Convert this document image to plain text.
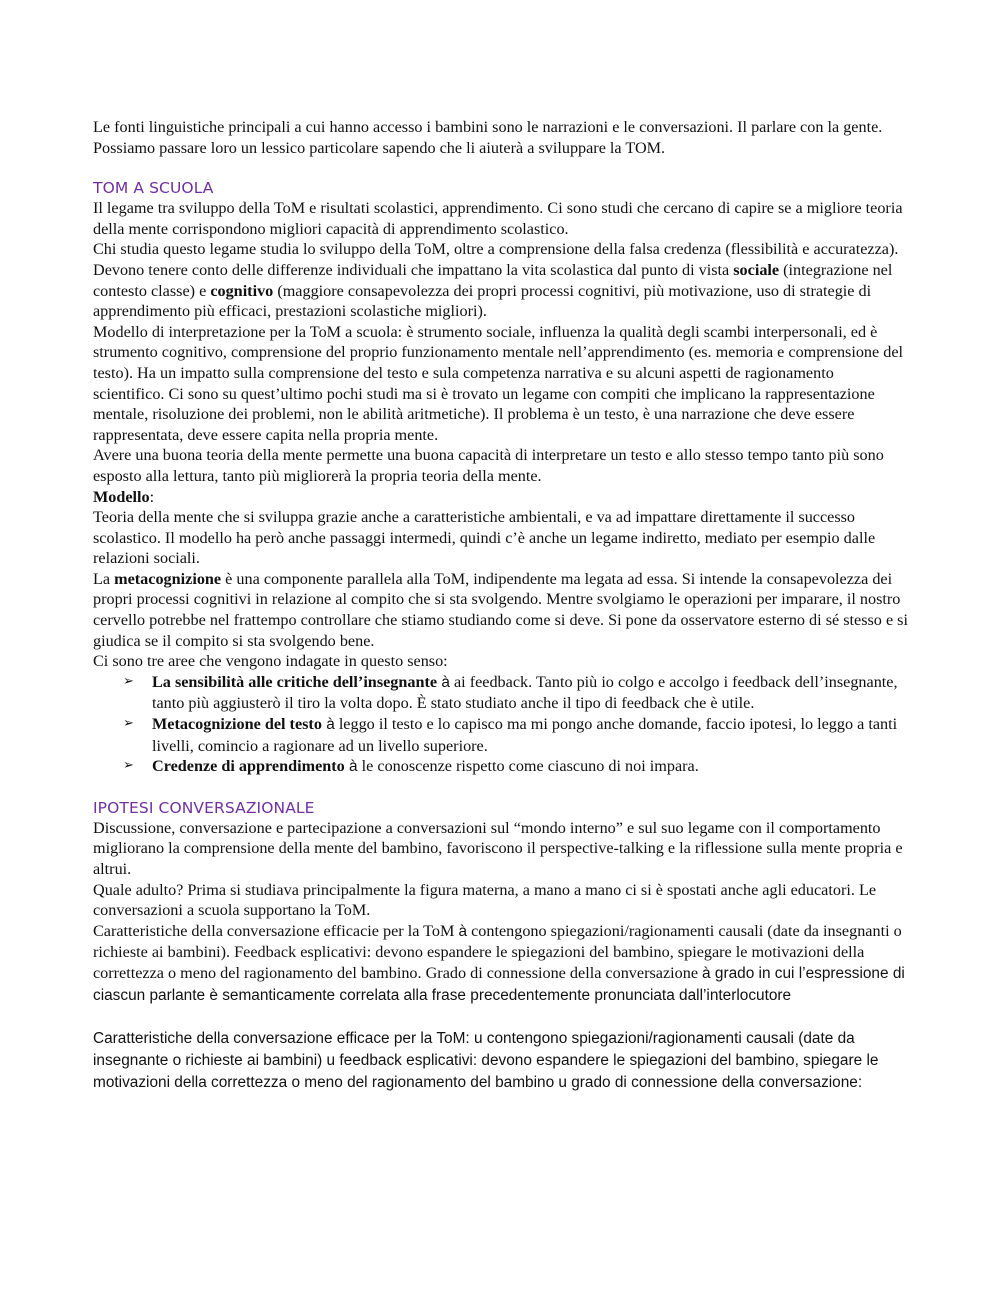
Le fonti linguistiche principali a cui hanno accesso i bambini sono le narrazioni e le conversazioni. Il parlare con la gente. Possiamo passare loro un lessico particolare sapendo che li aiuterà a sviluppare la TOM.

TOM A SCUOLA

Il legame tra sviluppo della ToM e risultati scolastici, apprendimento. Ci sono studi che cercano di capire se a migliore teoria della mente corrispondono migliori capacità di apprendimento scolastico.

Chi studia questo legame studia lo sviluppo della ToM, oltre a comprensione della falsa credenza (flessibilità e accuratezza). Devono tenere conto delle differenze individuali che impattano la vita scolastica dal punto di vista sociale (integrazione nel contesto classe) e cognitivo (maggiore consapevolezza dei propri processi cognitivi, più motivazione, uso di strategie di apprendimento più efficaci, prestazioni scolastiche migliori).

Modello di interpretazione per la ToM a scuola: è strumento sociale, influenza la qualità degli scambi interpersonali, ed è strumento cognitivo, comprensione del proprio funzionamento mentale nell’apprendimento (es. memoria e comprensione del testo). Ha un impatto sulla comprensione del testo e sula competenza narrativa e su alcuni aspetti de ragionamento scientifico. Ci sono su quest’ultimo pochi studi ma si è trovato un legame con compiti che implicano la rappresentazione mentale, risoluzione dei problemi, non le abilità aritmetiche). Il problema è un testo, è una narrazione che deve essere rappresentata, deve essere capita nella propria mente.

Avere una buona teoria della mente permette una buona capacità di interpretare un testo e allo stesso tempo tanto più sono esposto alla lettura, tanto più migliorerà la propria teoria della mente.

Modello:

Teoria della mente che si sviluppa grazie anche a caratteristiche ambientali, e va ad impattare direttamente il successo scolastico. Il modello ha però anche passaggi intermedi, quindi c’è anche un legame indiretto, mediato per esempio dalle relazioni sociali.

La metacognizione è una componente parallela alla ToM, indipendente ma legata ad essa. Si intende la consapevolezza dei propri processi cognitivi in relazione al compito che si sta svolgendo. Mentre svolgiamo le operazioni per imparare, il nostro cervello potrebbe nel frattempo controllare che stiamo studiando come si deve. Si pone da osservatore esterno di sé stesso e si giudica se il compito si sta svolgendo bene.

Ci sono tre aree che vengono indagate in questo senso:

➢ La sensibilità alle critiche dell’insegnante à ai feedback. Tanto più io colgo e accolgo i feedback dell’insegnante, tanto più aggiusterò il tiro la volta dopo. È stato studiato anche il tipo di feedback che è utile.
➢ Metacognizione del testo à leggo il testo e lo capisco ma mi pongo anche domande, faccio ipotesi, lo leggo a tanti livelli, comincio a ragionare ad un livello superiore.
➢ Credenze di apprendimento à le conoscenze rispetto come ciascuno di noi impara.
IPOTESI CONVERSAZIONALE

Discussione, conversazione e partecipazione a conversazioni sul “mondo interno” e sul suo legame con il comportamento migliorano la comprensione della mente del bambino, favoriscono il perspective-talking e la riflessione sulla mente propria e altrui.

Quale adulto? Prima si studiava principalmente la figura materna, a mano a mano ci si è spostati anche agli educatori. Le conversazioni a scuola supportano la ToM.

Caratteristiche della conversazione efficacie per la ToM à contengono spiegazioni/ragionamenti causali (date da insegnanti o richieste ai bambini). Feedback esplicativi: devono espandere le spiegazioni del bambino, spiegare le motivazioni della correttezza o meno del ragionamento del bambino. Grado di connessione della conversazione à grado in cui l’espressione di ciascun parlante è semanticamente correlata alla frase precedentemente pronunciata dall’interlocutore

Caratteristiche della conversazione efficace per la ToM: u contengono spiegazioni/ragionamenti causali (date da insegnante o richieste ai bambini) u feedback esplicativi: devono espandere le spiegazioni del bambino, spiegare le motivazioni della correttezza o meno del ragionamento del bambino u grado di connessione della conversazione:
